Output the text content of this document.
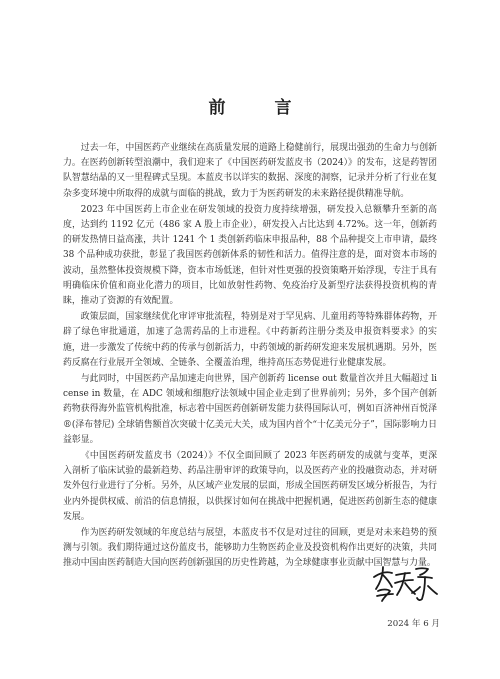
前　言

过去一年，中国医药产业继续在高质量发展的道路上稳健前行，展现出强劲的生命力与创新力。在医药创新转型浪潮中，我们迎来了《中国医药研发蓝皮书（2024）》的发布，这是药智团队智慧结晶的又一里程碑式呈现。本蓝皮书以详实的数据、深度的洞察，记录并分析了行业在复杂多变环境中所取得的成就与面临的挑战，致力于为医药研发的未来路径提供精准导航。

2023 年中国医药上市企业在研发领域的投资力度持续增强，研发投入总额攀升至新的高度，达到约 1192 亿元（486 家 A 股上市企业），研发投入占比达到 4.72%。这一年，创新药的研发热情日益高涨，共计 1241 个 1 类创新药临床申报品种，88 个品种提交上市申请，最终 38 个品种成功获批，彰显了我国医药创新体系的韧性和活力。值得注意的是，面对资本市场的波动，虽然整体投资规模下降，资本市场低迷，但针对性更强的投资策略开始浮现，专注于具有明确临床价值和商业化潜力的项目，比如放射性药物、免疫治疗及新型疗法获得投资机构的青睐，推动了资源的有效配置。

政策层面，国家继续优化审评审批流程，特别是对于罕见病、儿童用药等特殊群体药物，开辟了绿色审批通道，加速了急需药品的上市进程。《中药新药注册分类及申报资料要求》的实施，进一步激发了传统中药的传承与创新活力，中药领域的新药研发迎来发展机遇期。另外，医药反腐在行业展开全领域、全链条、全覆盖治理，维持高压态势促进行业健康发展。

与此同时，中国医药产品加速走向世界，国产创新药 license out 数量首次并且大幅超过 license in 数量，在 ADC 领域和细胞疗法领域中国企业走到了世界前列；另外，多个国产创新药物获得海外监管机构批准，标志着中国医药创新研发能力获得国际认可，例如百济神州百悦泽®(泽布替尼) 全球销售额首次突破十亿美元大关，成为国内首个“十亿美元分子”，国际影响力日益彰显。

《中国医药研发蓝皮书（2024）》不仅全面回顾了 2023 年医药研发的成就与变革，更深入剖析了临床试验的最新趋势、药品注册审评的政策导向，以及医药产业的投融资动态，并对研发外包行业进行了分析。另外，从区域产业发展的层面，形成全国医药研发区域分析报告，为行业内外提供权威、前沿的信息情报，以供探讨如何在挑战中把握机遇，促进医药创新生态的健康发展。

作为医药研发领域的年度总结与展望，本蓝皮书不仅是对过往的回顾，更是对未来趋势的预测与引领。我们期待通过这份蓝皮书，能够助力生物医药企业及投资机构作出更好的决策，共同推动中国由医药制造大国向医药创新强国的历史性跨越，为全球健康事业贡献中国智慧与力量。

2024 年 6 月
